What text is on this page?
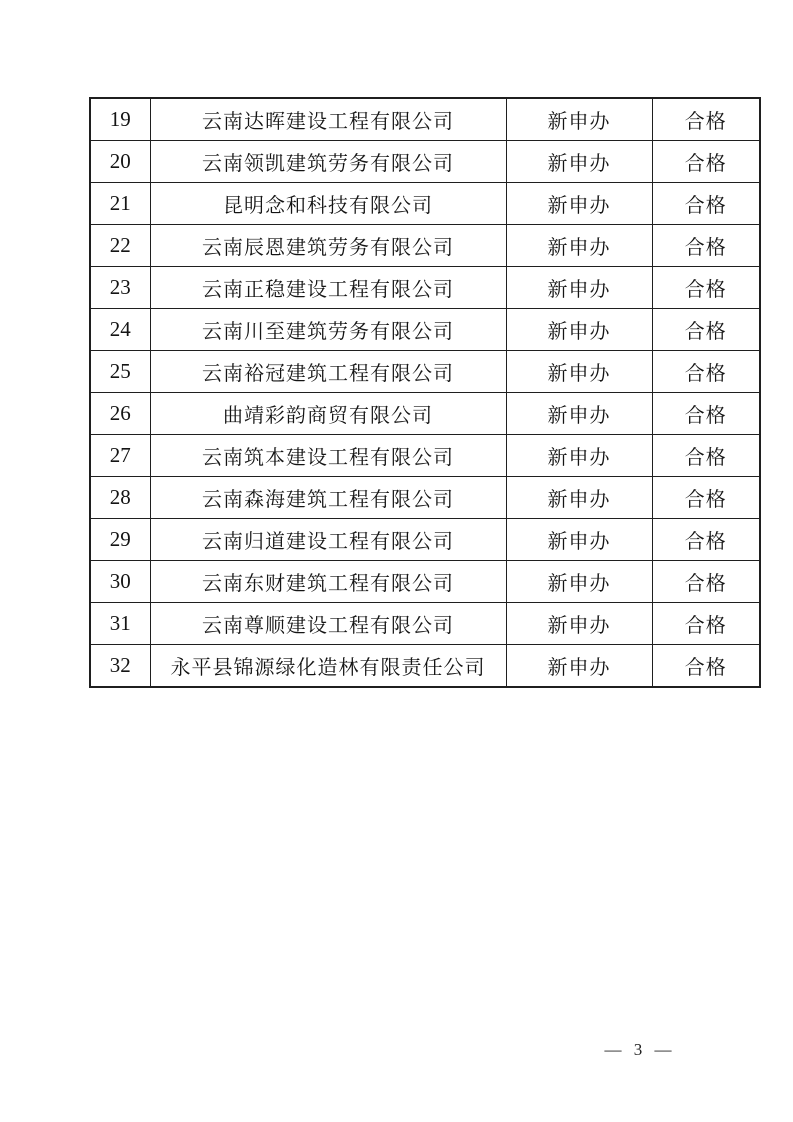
19	云南达晖建设工程有限公司	新申办	合格
20	云南领凯建筑劳务有限公司	新申办	合格
21	昆明念和科技有限公司	新申办	合格
22	云南辰恩建筑劳务有限公司	新申办	合格
23	云南正稳建设工程有限公司	新申办	合格
24	云南川至建筑劳务有限公司	新申办	合格
25	云南裕冠建筑工程有限公司	新申办	合格
26	曲靖彩韵商贸有限公司	新申办	合格
27	云南筑本建设工程有限公司	新申办	合格
28	云南森海建筑工程有限公司	新申办	合格
29	云南归道建设工程有限公司	新申办	合格
30	云南东财建筑工程有限公司	新申办	合格
31	云南尊顺建设工程有限公司	新申办	合格
32	永平县锦源绿化造林有限责任公司	新申办	合格
— 3 —
